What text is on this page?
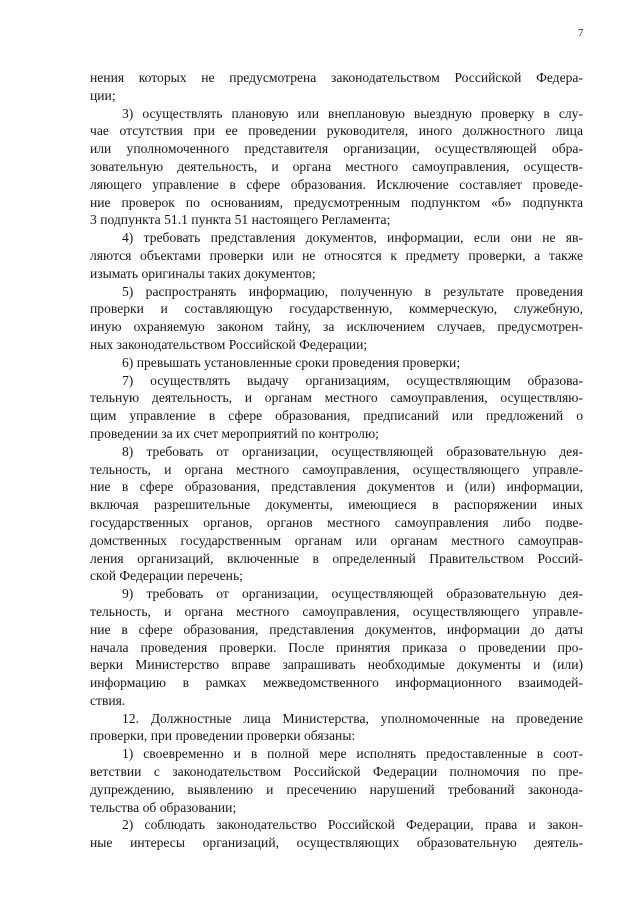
7
нения которых не предусмотрена законодательством Российской Федера-
ции;
3) осуществлять плановую или внеплановую выездную проверку в слу-
чае отсутствия при ее проведении руководителя, иного должностного лица
или уполномоченного представителя организации, осуществляющей обра-
зовательную деятельность, и органа местного самоуправления, осуществ-
ляющего управление в сфере образования. Исключение составляет проведе-
ние проверок по основаниям, предусмотренным подпунктом «б» подпункта
3 подпункта 51.1 пункта 51 настоящего Регламента;
4) требовать представления документов, информации, если они не яв-
ляются объектами проверки или не относятся к предмету проверки, а также
изымать оригиналы таких документов;
5) распространять информацию, полученную в результате проведения
проверки и составляющую государственную, коммерческую, служебную,
иную охраняемую законом тайну, за исключением случаев, предусмотрен-
ных законодательством Российской Федерации;
6) превышать установленные сроки проведения проверки;
7) осуществлять выдачу организациям, осуществляющим образова-
тельную деятельность, и органам местного самоуправления, осуществляю-
щим управление в сфере образования, предписаний или предложений о
проведении за их счет мероприятий по контролю;
8) требовать от организации, осуществляющей образовательную дея-
тельность, и органа местного самоуправления, осуществляющего управле-
ние в сфере образования, представления документов и (или) информации,
включая разрешительные документы, имеющиеся в распоряжении иных
государственных органов, органов местного самоуправления либо подве-
домственных государственным органам или органам местного самоуправ-
ления организаций, включенные в определенный Правительством Россий-
ской Федерации перечень;
9) требовать от организации, осуществляющей образовательную дея-
тельность, и органа местного самоуправления, осуществляющего управле-
ние в сфере образования, представления документов, информации до даты
начала проведения проверки. После принятия приказа о проведении про-
верки Министерство вправе запрашивать необходимые документы и (или)
информацию в рамках межведомственного информационного взаимодей-
ствия.
12. Должностные лица Министерства, уполномоченные на проведение
проверки, при проведении проверки обязаны:
1) своевременно и в полной мере исполнять предоставленные в соот-
ветствии с законодательством Российской Федерации полномочия по пре-
дупреждению, выявлению и пресечению нарушений требований законода-
тельства об образовании;
2) соблюдать законодательство Российской Федерации, права и закон-
ные интересы организаций, осуществляющих образовательную деятель-
